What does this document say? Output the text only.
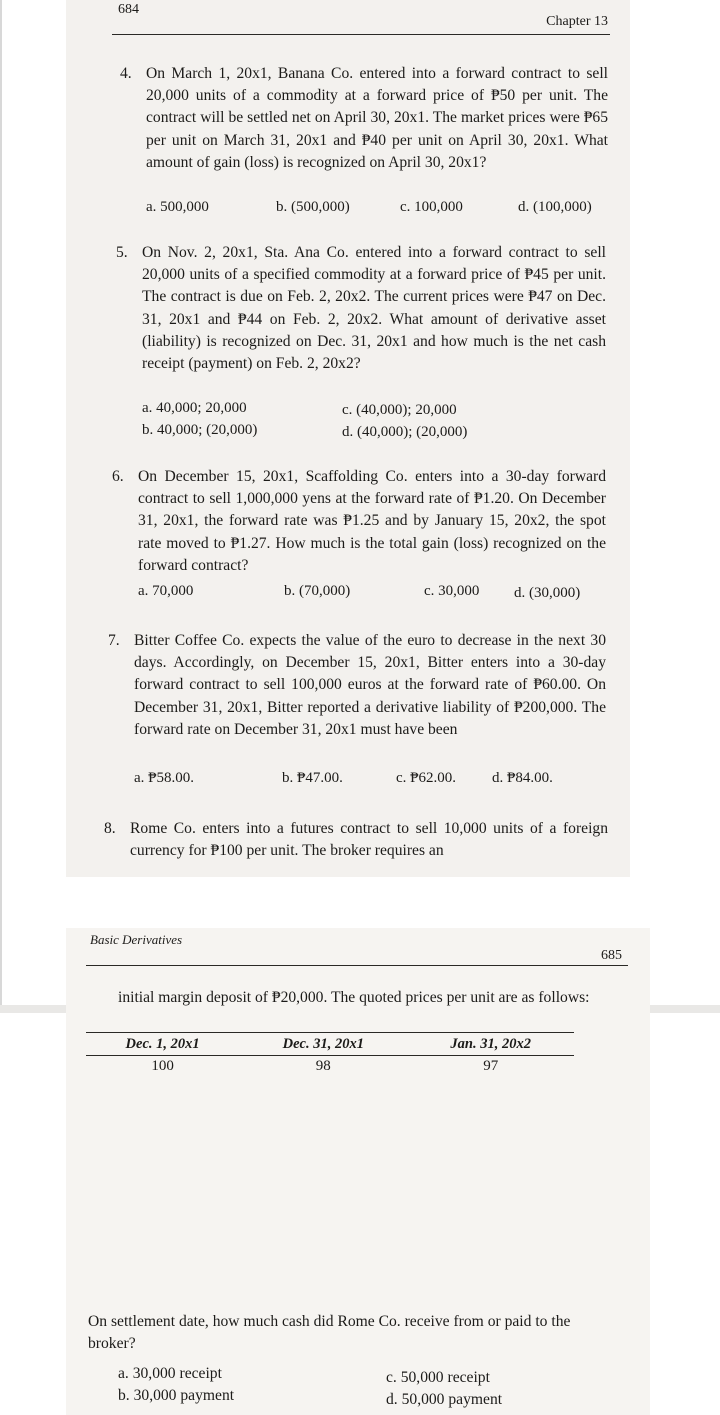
684
Chapter 13
4. On March 1, 20x1, Banana Co. entered into a forward contract to sell 20,000 units of a commodity at a forward price of ₱50 per unit. The contract will be settled net on April 30, 20x1. The market prices were ₱65 per unit on March 31, 20x1 and ₱40 per unit on April 30, 20x1. What amount of gain (loss) is recognized on April 30, 20x1?
a. 500,000	b. (500,000)	c. 100,000	d. (100,000)
5. On Nov. 2, 20x1, Sta. Ana Co. entered into a forward contract to sell 20,000 units of a specified commodity at a forward price of ₱45 per unit. The contract is due on Feb. 2, 20x2. The current prices were ₱47 on Dec. 31, 20x1 and ₱44 on Feb. 2, 20x2. What amount of derivative asset (liability) is recognized on Dec. 31, 20x1 and how much is the net cash receipt (payment) on Feb. 2, 20x2?
a. 40,000; 20,000	c. (40,000); 20,000
b. 40,000; (20,000)	d. (40,000); (20,000)
6. On December 15, 20x1, Scaffolding Co. enters into a 30-day forward contract to sell 1,000,000 yens at the forward rate of ₱1.20. On December 31, 20x1, the forward rate was ₱1.25 and by January 15, 20x2, the spot rate moved to ₱1.27. How much is the total gain (loss) recognized on the forward contract?
a. 70,000	b. (70,000)	c. 30,000 d. (30,000)
7. Bitter Coffee Co. expects the value of the euro to decrease in the next 30 days. Accordingly, on December 15, 20x1, Bitter enters into a 30-day forward contract to sell 100,000 euros at the forward rate of ₱60.00. On December 31, 20x1, Bitter reported a derivative liability of ₱200,000. The forward rate on December 31, 20x1 must have been
a. ₱58.00.	b. ₱47.00.	c. ₱62.00. d. ₱84.00.
8. Rome Co. enters into a futures contract to sell 10,000 units of a foreign currency for ₱100 per unit. The broker requires an
Basic Derivatives
685
initial margin deposit of ₱20,000. The quoted prices per unit are as follows:
Dec. 1, 20x1	Dec. 31, 20x1	Jan. 31, 20x2
100	98	97
On settlement date, how much cash did Rome Co. receive from or paid to the broker?
a. 30,000 receipt
b. 30,000 payment
c. 50,000 receipt
d. 50,000 payment
